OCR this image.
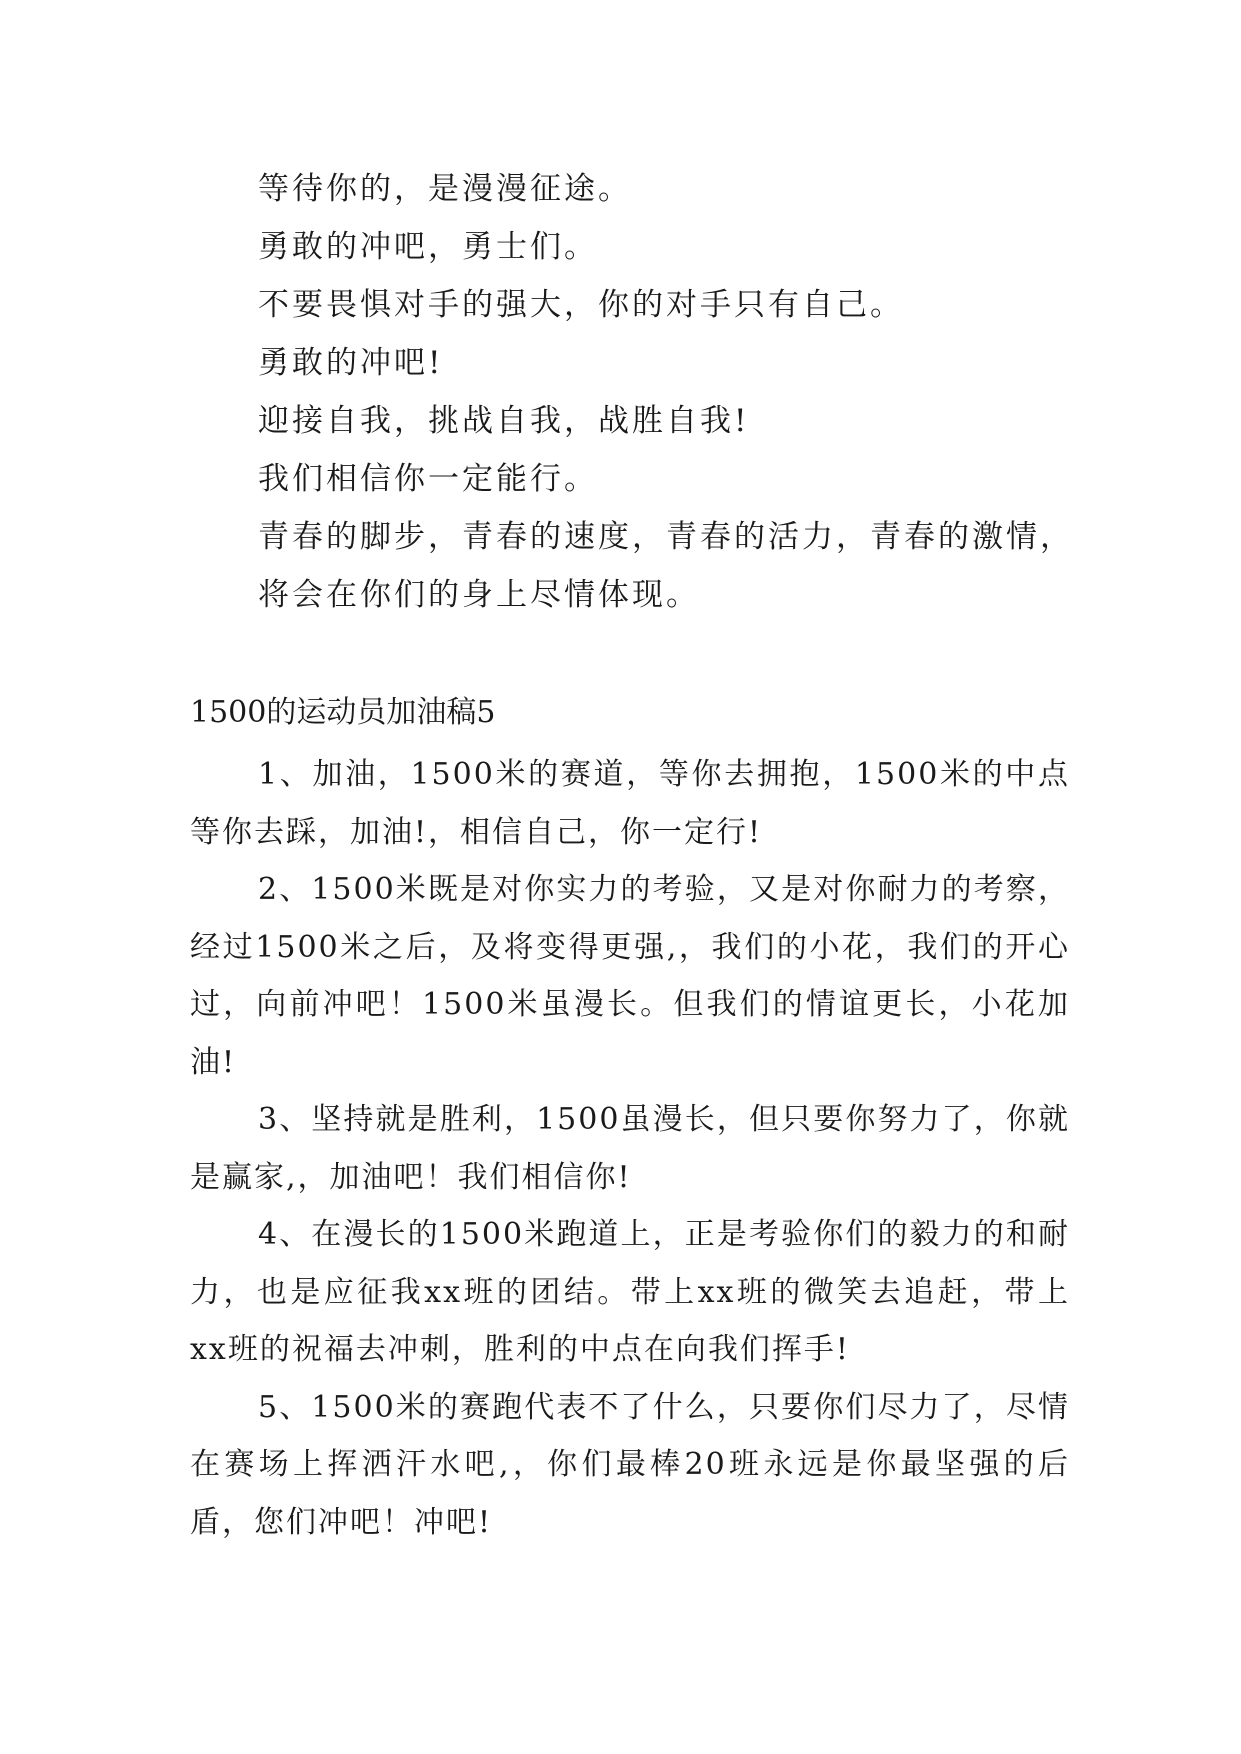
等待你的，是漫漫征途。
勇敢的冲吧，勇士们。
不要畏惧对手的强大，你的对手只有自己。
勇敢的冲吧!
迎接自我，挑战自我，战胜自我!
我们相信你一定能行。
青春的脚步，青春的速度，青春的活力，青春的激情，
将会在你们的身上尽情体现。
1500的运动员加油稿5

1、加油，1500米的赛道，等你去拥抱，1500米的中点等你去踩，加油!，相信自己，你一定行!

2、1500米既是对你实力的考验，又是对你耐力的考察，经过1500米之后，及将变得更强,，我们的小花，我们的开心过，向前冲吧！1500米虽漫长。但我们的情谊更长，小花加油!

3、坚持就是胜利，1500虽漫长，但只要你努力了，你就是赢家,，加油吧！我们相信你!

4、在漫长的1500米跑道上，正是考验你们的毅力的和耐力，也是应征我xx班的团结。带上xx班的微笑去追赶，带上xx班的祝福去冲刺，胜利的中点在向我们挥手!

5、1500米的赛跑代表不了什么，只要你们尽力了，尽情在赛场上挥洒汗水吧,，你们最棒20班永远是你最坚强的后盾，您们冲吧！冲吧!
